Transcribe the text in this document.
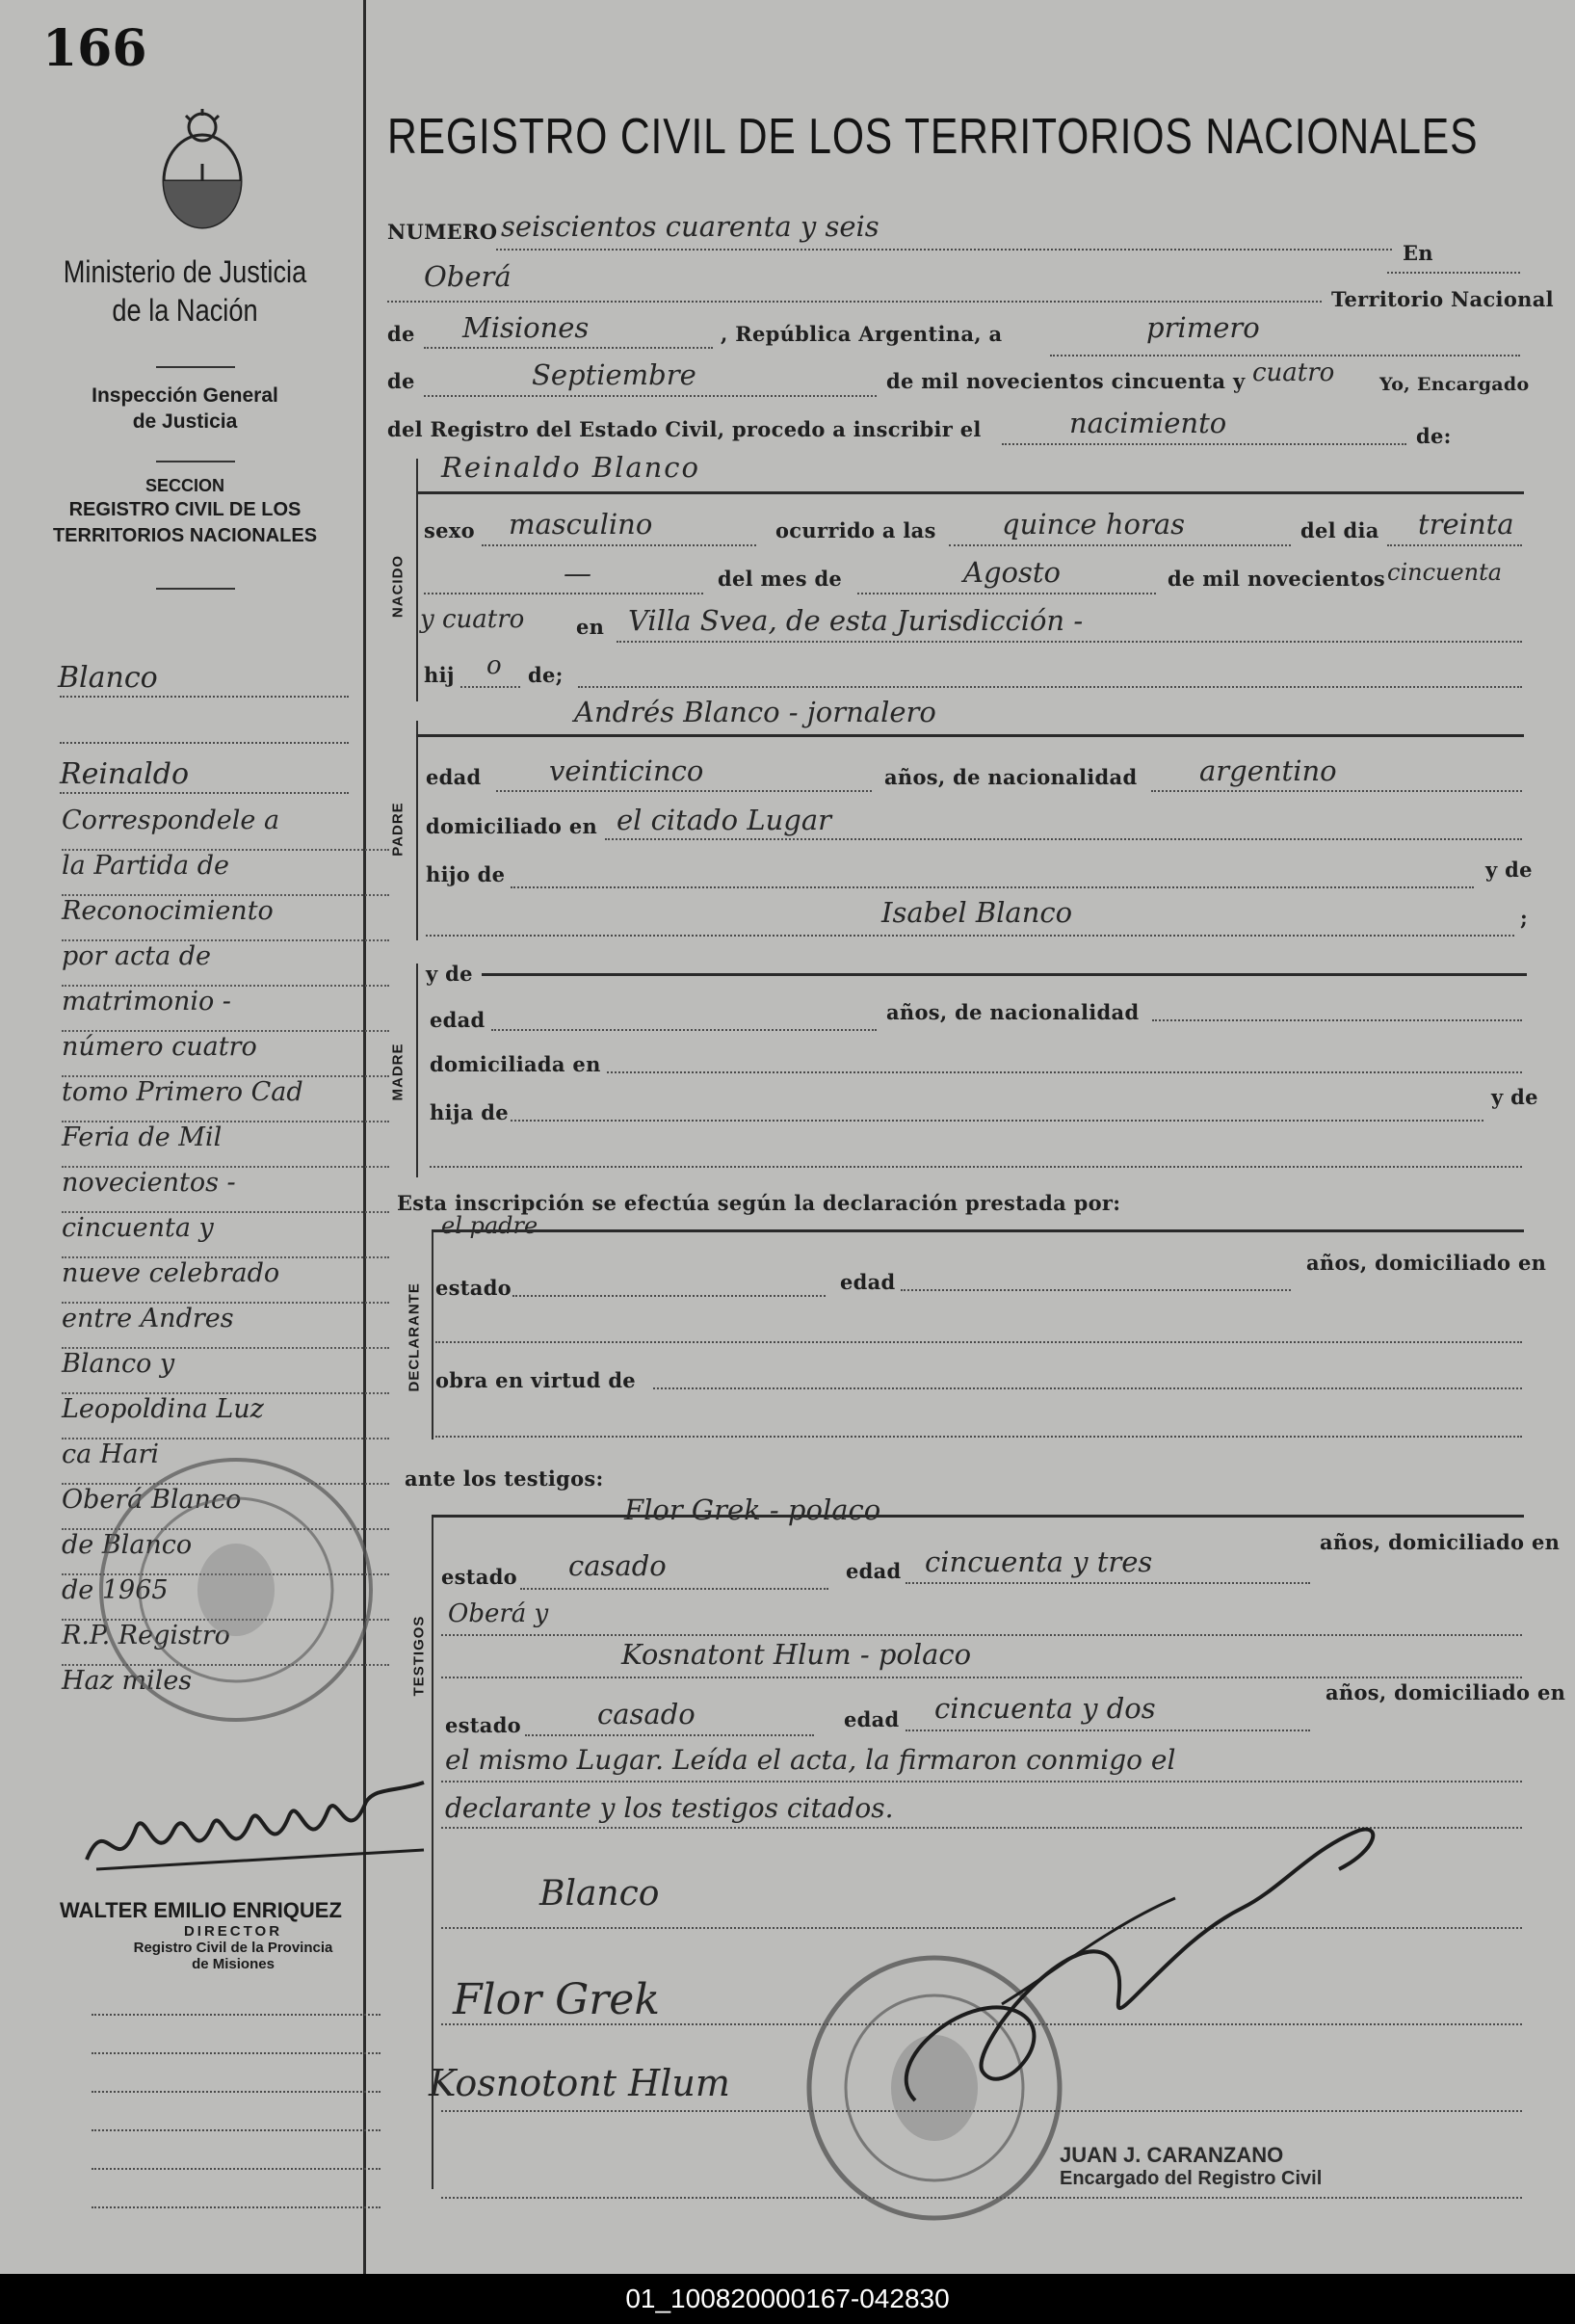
166
Ministerio de Justicia
de la Nación
Inspección General
de Justicia
SECCION
REGISTRO CIVIL DE LOS
TERRITORIOS NACIONALES
Blanco
Reinaldo
Correspondele a
la Partida de
Reconocimiento
por acta de
matrimonio -
número cuatro
tomo Primero Cad
Feria de Mil
novecientos -
cincuenta y
nueve celebrado
entre Andres
Blanco y
Leopoldina Luz
ca Hari
Oberá Blanco
de Blanco
de 1965
R.P. Registro
Haz miles
WALTER EMILIO ENRIQUEZ
DIRECTOR
Registro Civil de la Provincia
de Misiones
REGISTRO CIVIL DE LOS TERRITORIOS NACIONALES
NUMERO seiscientos cuarenta y seis
En
Oberá
Territorio Nacional
de Misiones	, República Argentina, a	primero
de	Septiembre	de mil novecientos cincuenta y cuatro Yo, Encargado
del Registro del Estado Civil, procedo a inscribir el	nacimiento	de:
NACIDO
Reinaldo Blanco
sexo masculino	ocurrido a las quince horas	del dia treinta
—	del mes de	Agosto	de mil novecientos cincuenta
y cuatro	en Villa Svea, de esta Jurisdicción -
hij o de;
PADRE
Andrés Blanco - jornalero
edad veinticinco	años, de nacionalidad argentino
domiciliado en el citado Lugar
hijo de	y de
Isabel Blanco	;
MADRE
y de
edad	años, de nacionalidad
domiciliada en
hija de
y de
Esta inscripción se efectúa según la declaración prestada por:
DECLARANTE
el padre
estado	edad
años, domiciliado en
obra en virtud de
ante los testigos:
TESTIGOS
Flor Grek - polaco
estado casado	edad cincuenta y tres
años, domiciliado en
Oberá y
Kosnatont Hlum - polaco
estado	casado	edad cincuenta y dos	años, domiciliado en
el mismo Lugar. Leída el acta, la firmaron conmigo el
declarante y los testigos citados.
Blanco
Flor Grek
Kosnotont Hlum
JUAN J. CARANZANO
Encargado del Registro Civil
01_100820000167-042830
